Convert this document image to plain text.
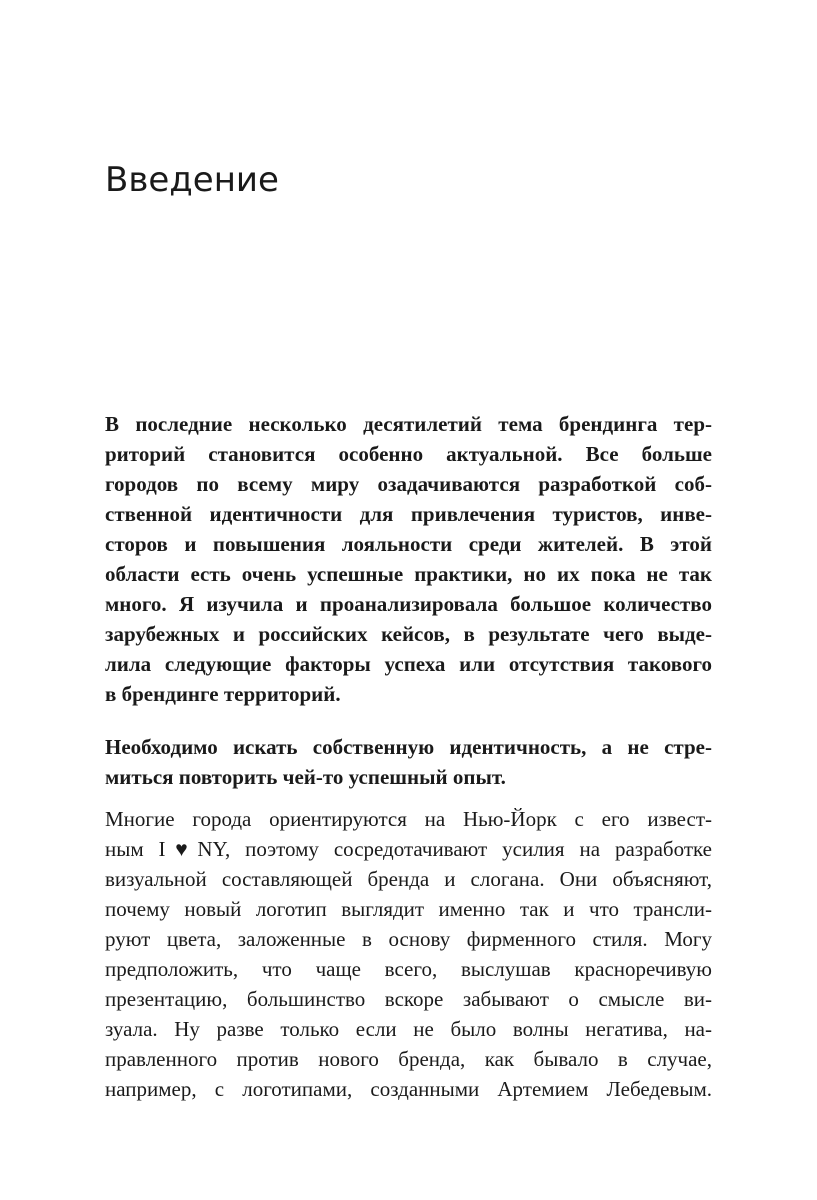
Введение
В последние несколько десятилетий тема брендинга тер-
риторий становится особенно актуальной. Все больше
городов по всему миру озадачиваются разработкой соб-
ственной идентичности для привлечения туристов, инве-
сторов и повышения лояльности среди жителей. В этой
области есть очень успешные практики, но их пока не так
много. Я изучила и проанализировала большое количество
зарубежных и российских кейсов, в результате чего выде-
лила следующие факторы успеха или отсутствия такового
в брендинге территорий.
Необходимо искать собственную идентичность, а не стре-
миться повторить чей-то успешный опыт.
Многие города ориентируются на Нью-Йорк с его извест-
ным I♥NY, поэтому сосредотачивают усилия на разработке
визуальной составляющей бренда и слогана. Они объясняют,
почему новый логотип выглядит именно так и что трансли-
руют цвета, заложенные в основу фирменного стиля. Могу
предположить, что чаще всего, выслушав красноречивую
презентацию, большинство вскоре забывают о смысле ви-
зуала. Ну разве только если не было волны негатива, на-
правленного против нового бренда, как бывало в случае,
например, с логотипами, созданными Артемием Лебедевым.
